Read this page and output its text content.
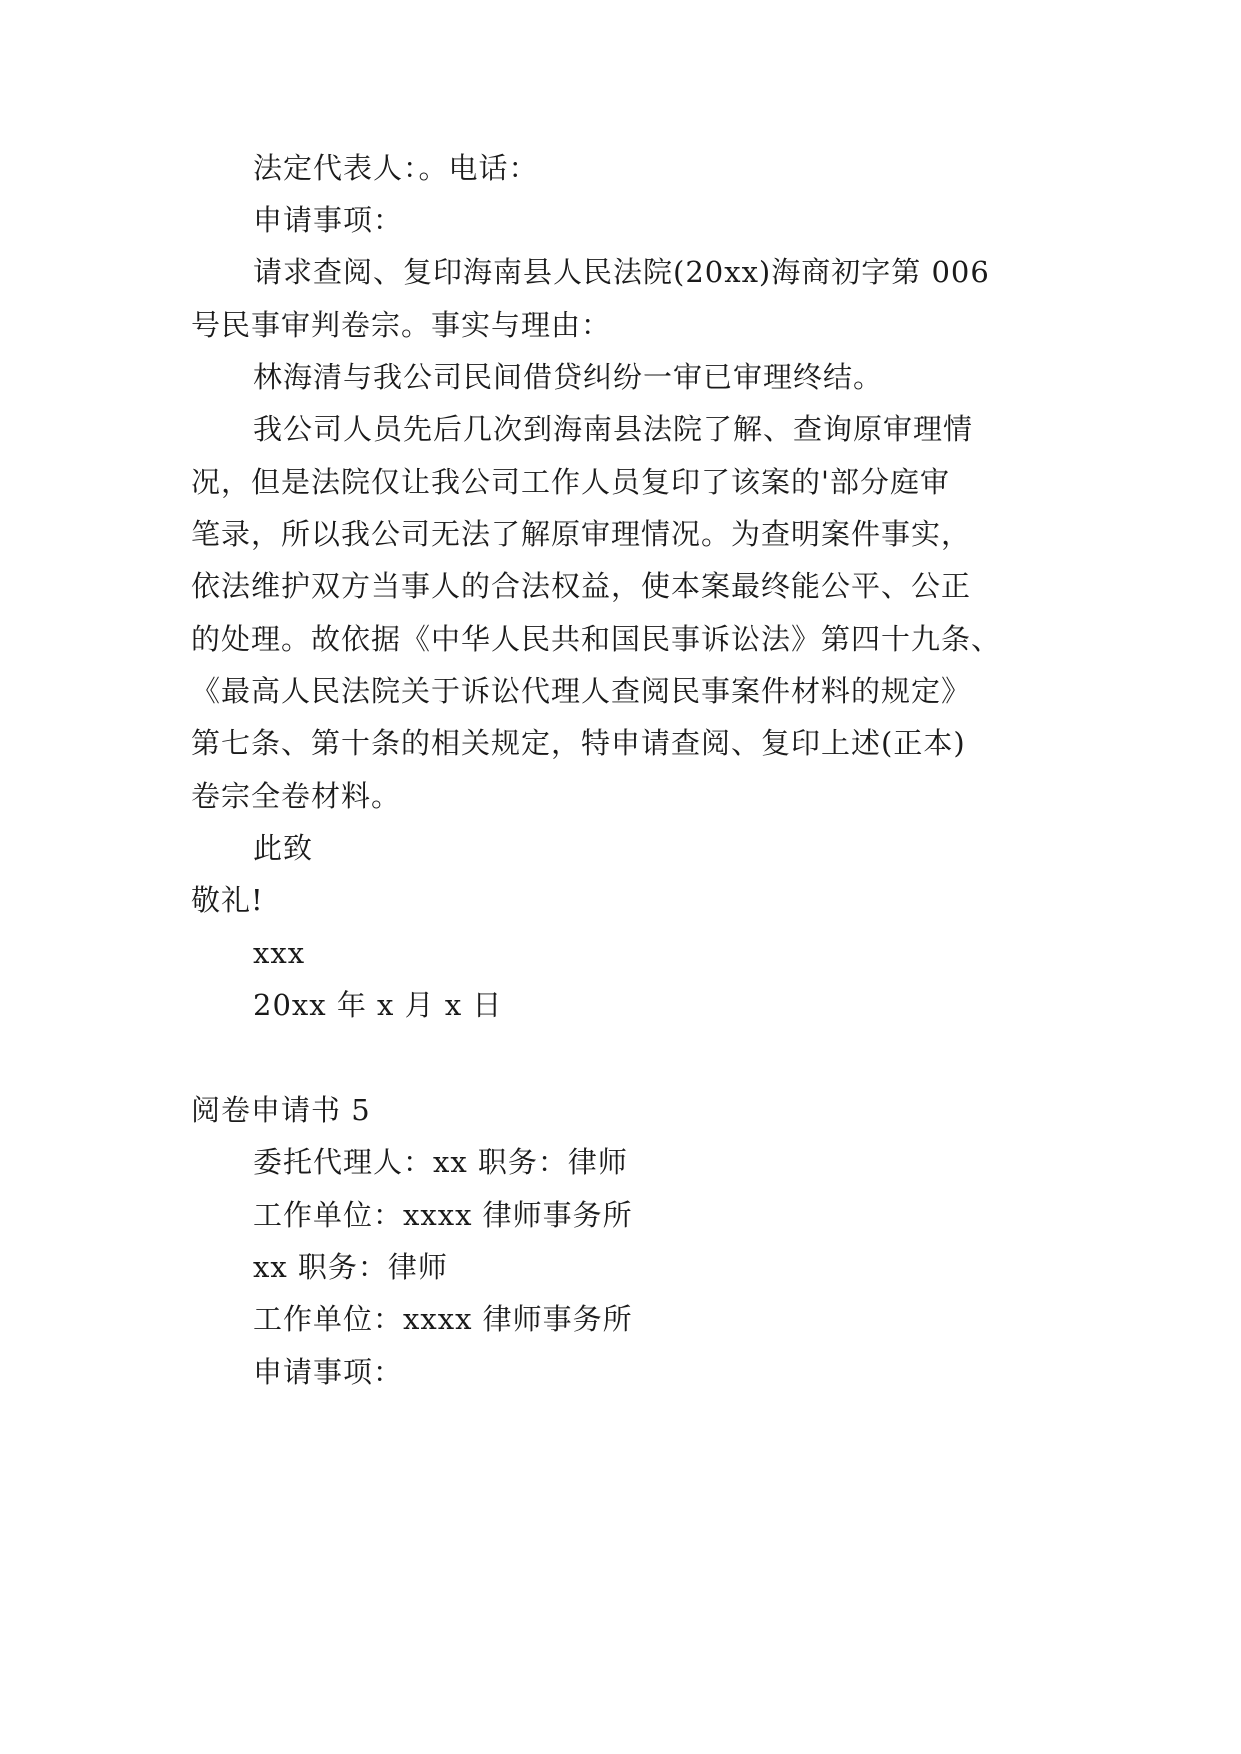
法定代表人：。电话：
申请事项：
请求查阅、复印海南县人民法院(20xx)海商初字第 006
号民事审判卷宗。事实与理由：
林海清与我公司民间借贷纠纷一审已审理终结。
我公司人员先后几次到海南县法院了解、查询原审理情
况，但是法院仅让我公司工作人员复印了该案的'部分庭审
笔录，所以我公司无法了解原审理情况。为查明案件事实，
依法维护双方当事人的合法权益，使本案最终能公平、公正
的处理。故依据《中华人民共和国民事诉讼法》第四十九条、
《最高人民法院关于诉讼代理人查阅民事案件材料的规定》
第七条、第十条的相关规定，特申请查阅、复印上述(正本)
卷宗全卷材料。
此致
敬礼!
xxx
20xx 年 x 月 x 日
阅卷申请书 5
委托代理人：xx 职务：律师
工作单位：xxxx 律师事务所
xx 职务：律师
工作单位：xxxx 律师事务所
申请事项：
